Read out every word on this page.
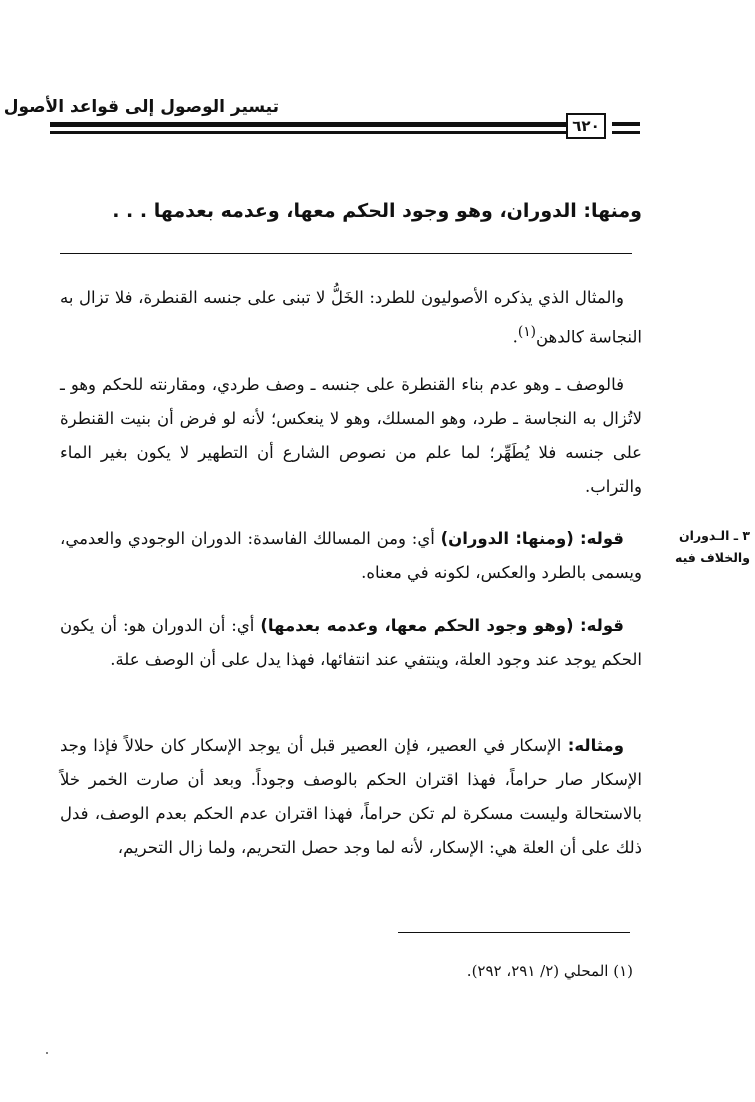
تيسير الوصول إلى قواعد الأصول
٦٢٠
ومنها: الدوران، وهو وجود الحكم معها، وعدمه بعدمها . . .
والمثال الذي يذكره الأصوليون للطرد: الخَلُّ لا تبنى على جنسه القنطرة، فلا تزال به النجاسة كالدهن$^{(١)}$.
فالوصف ـ وهو عدم بناء القنطرة على جنسه ـ وصف طردي، ومقارنته للحكم وهو ـ لاتُزال به النجاسة ـ طرد، وهو المسلك، وهو لا ينعكس؛ لأنه لو فرض أن بنيت القنطرة على جنسه فلا يُطَهِّر؛ لما علم من نصوص الشارع أن التطهير لا يكون بغير الماء والتراب.
قوله: (ومنها: الدوران) أي: ومن المسالك الفاسدة: الدوران الوجودي والعدمي، ويسمى بالطرد والعكس، لكونه في معناه.
قوله: (وهو وجود الحكم معها، وعدمه بعدمها) أي: أن الدوران هو: أن يكون الحكم يوجد عند وجود العلة، وينتفي عند انتفائها، فهذا يدل على أن الوصف علة.
ومثاله: الإسكار في العصير، فإن العصير قبل أن يوجد الإسكار كان حلالاً فإذا وجد الإسكار صار حراماً، فهذا اقتران الحكم بالوصف وجوداً. وبعد أن صارت الخمر خلاً بالاستحالة وليست مسكرة لم تكن حراماً، فهذا اقتران عدم الحكم بعدم الوصف، فدل ذلك على أن العلة هي: الإسكار، لأنه لما وجد حصل التحريم، ولما زال التحريم،
٣ ـ الـدوران
والخلاف فيه
(١) المحلي (٢/ ٢٩١، ٢٩٢).
